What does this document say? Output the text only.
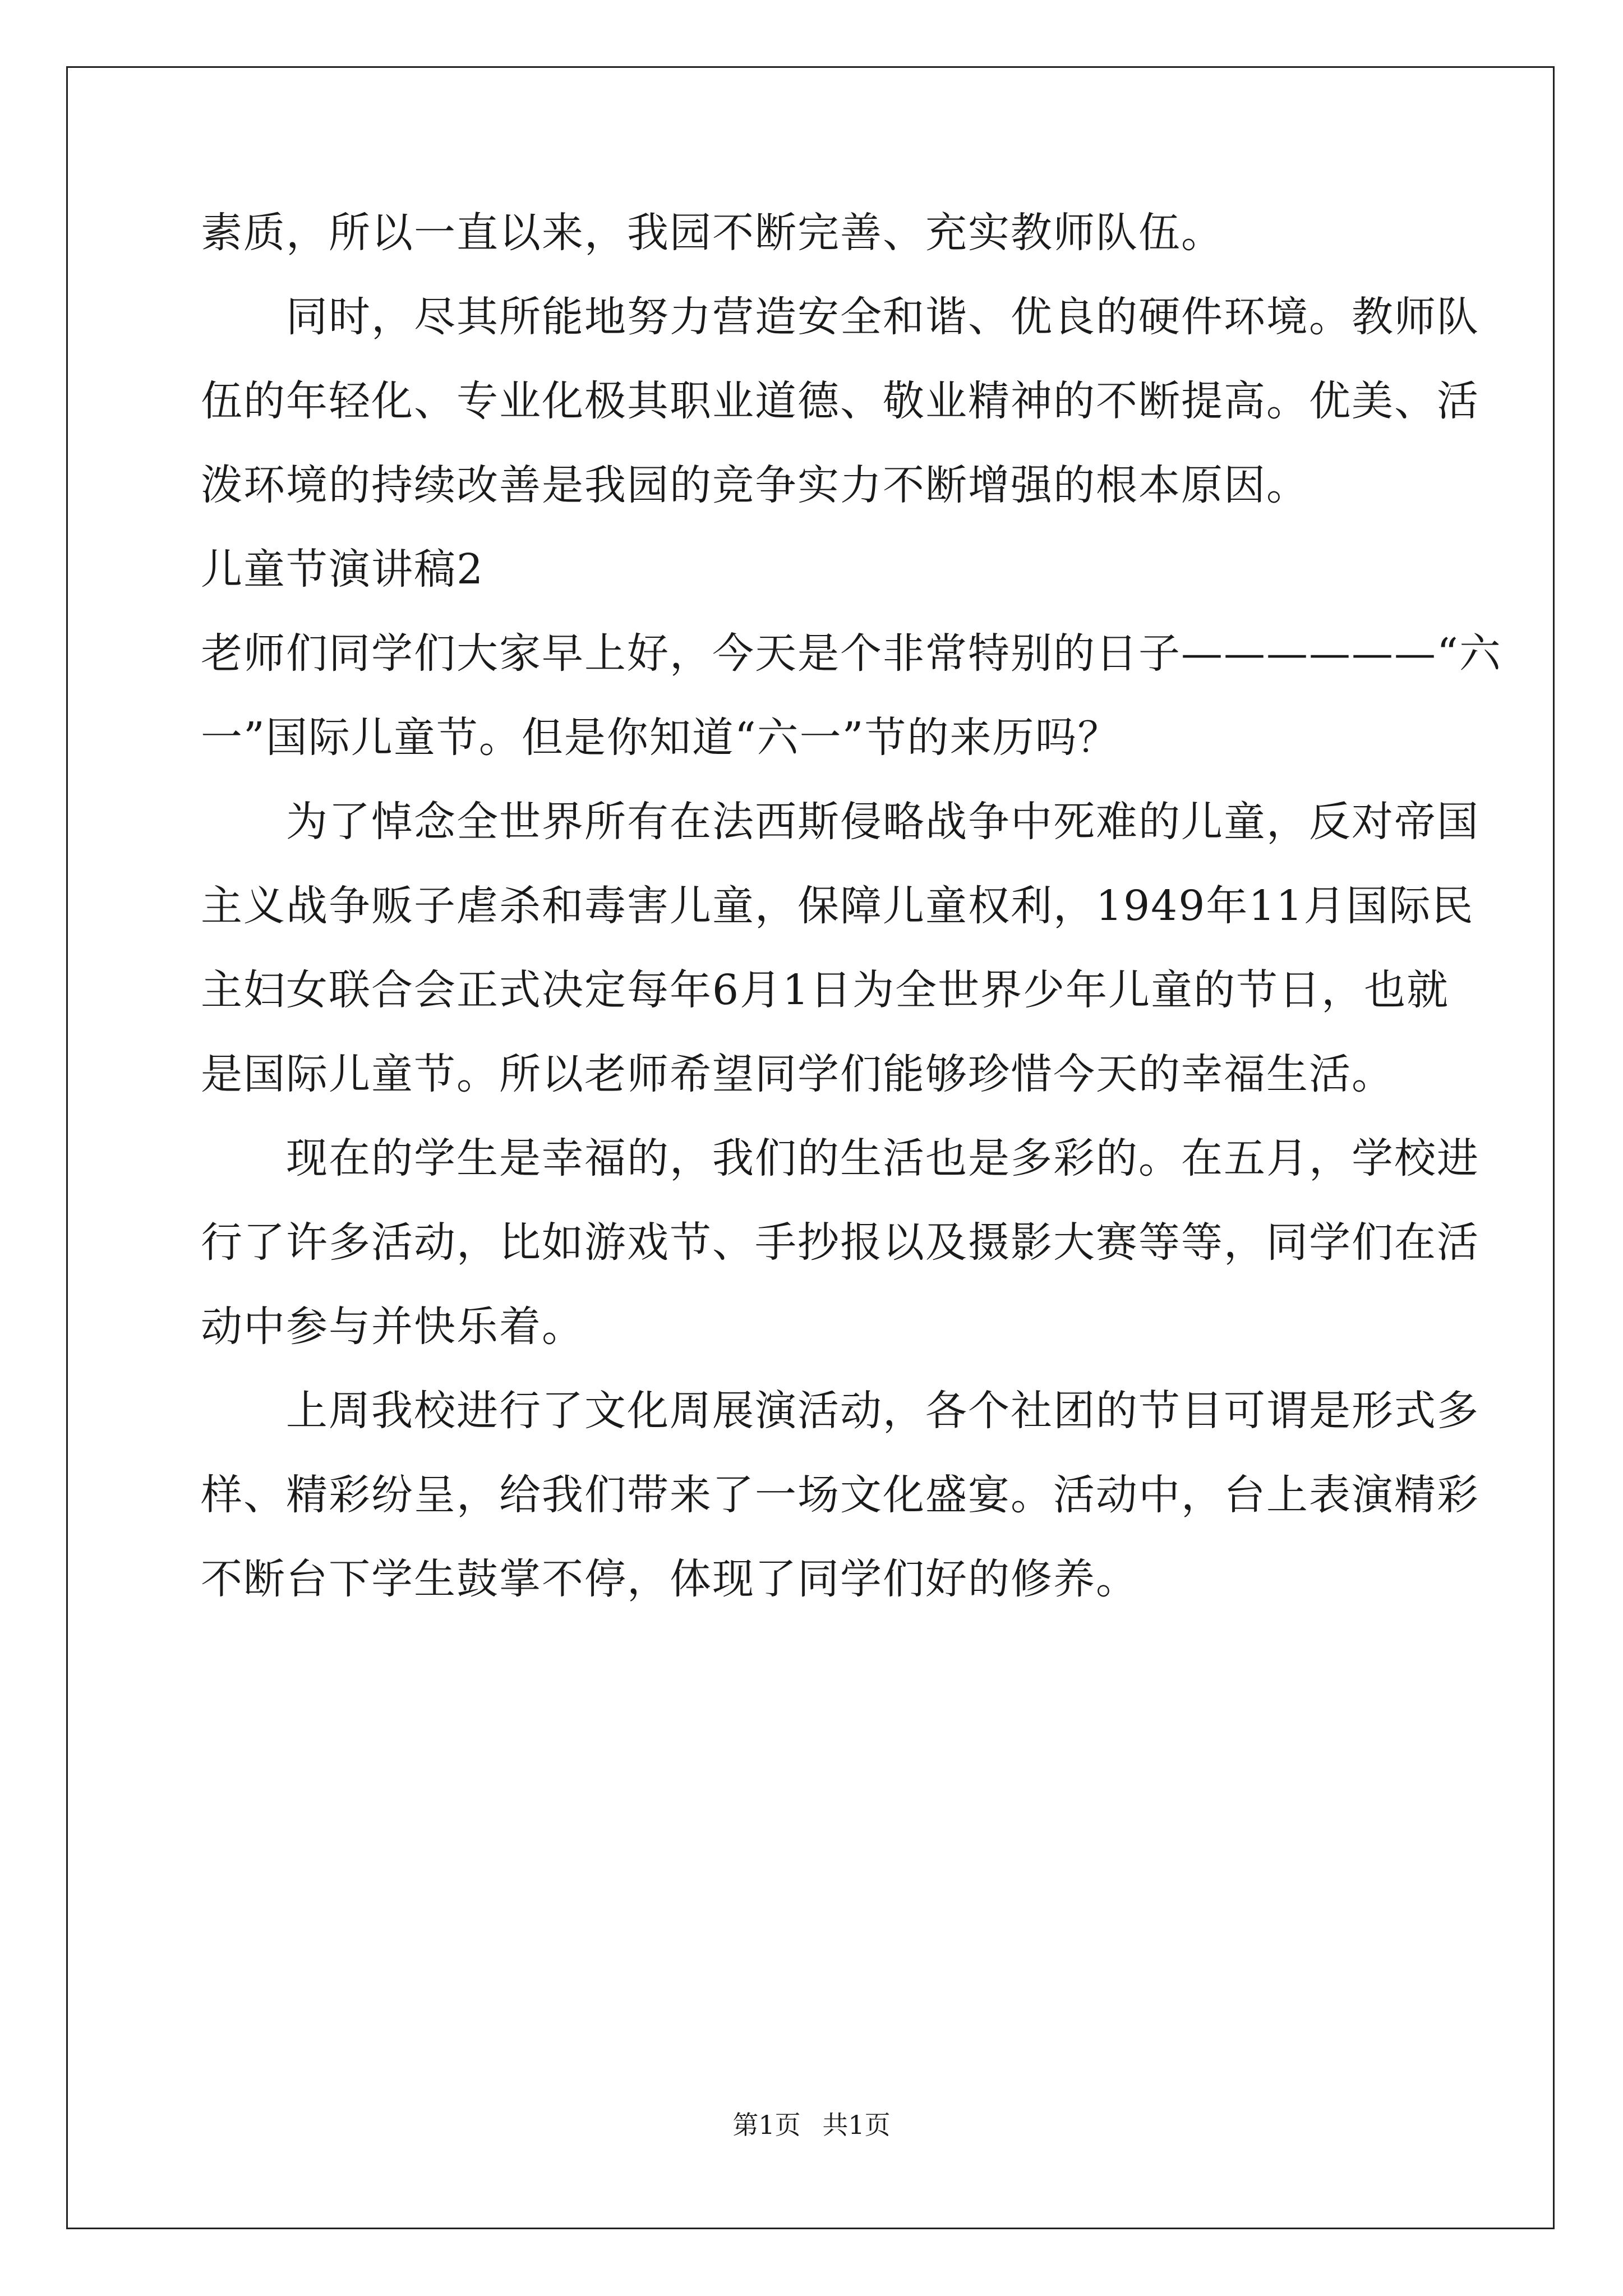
素质，所以一直以来，我园不断完善、充实教师队伍。

　　同时，尽其所能地努力营造安全和谐、优良的硬件环境。教师队

伍的年轻化、专业化极其职业道德、敬业精神的不断提高。优美、活

泼环境的持续改善是我园的竞争实力不断增强的根本原因。

儿童节演讲稿2

老师们同学们大家早上好，今天是个非常特别的日子——————“六

一”国际儿童节。但是你知道“六一”节的来历吗？

　　为了悼念全世界所有在法西斯侵略战争中死难的儿童，反对帝国

主义战争贩子虐杀和毒害儿童，保障儿童权利，1949年11月国际民

主妇女联合会正式决定每年6月1日为全世界少年儿童的节日，也就

是国际儿童节。所以老师希望同学们能够珍惜今天的幸福生活。

　　现在的学生是幸福的，我们的生活也是多彩的。在五月，学校进

行了许多活动，比如游戏节、手抄报以及摄影大赛等等，同学们在活

动中参与并快乐着。

　　上周我校进行了文化周展演活动，各个社团的节目可谓是形式多

样、精彩纷呈，给我们带来了一场文化盛宴。活动中，台上表演精彩

不断台下学生鼓掌不停，体现了同学们好的修养。

第1页 共1页
